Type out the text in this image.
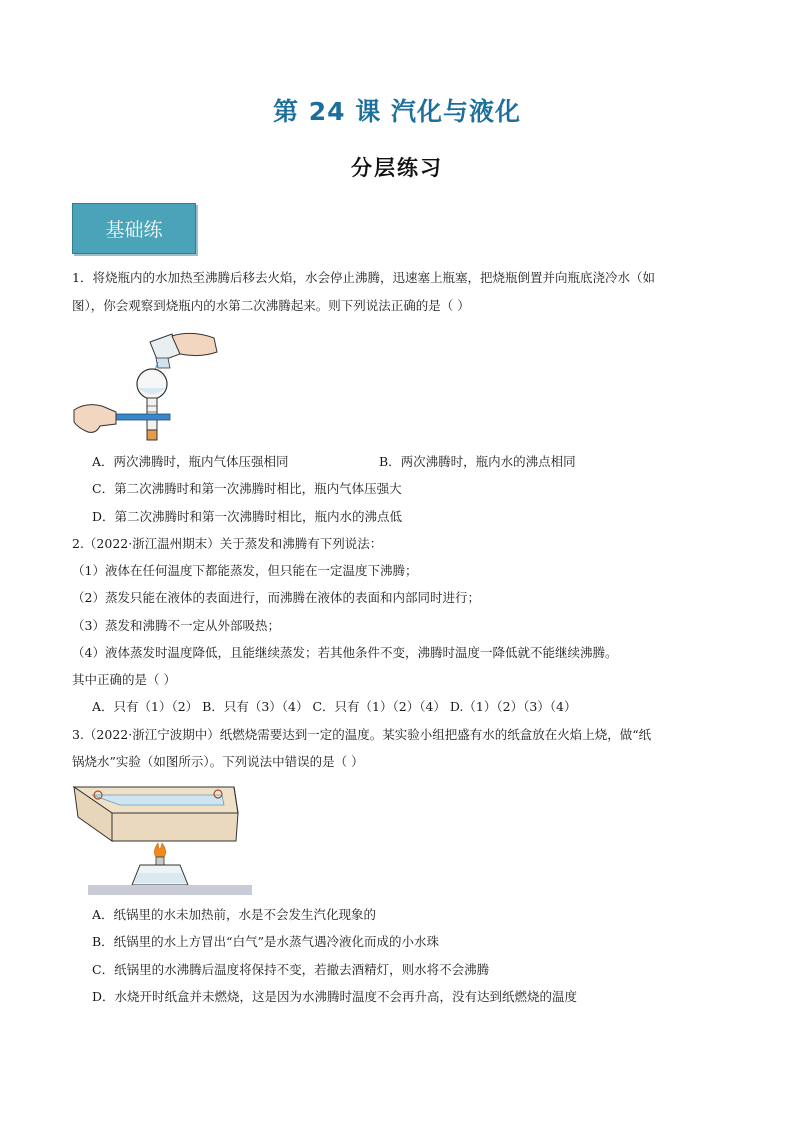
第 24 课 汽化与液化
分层练习
基础练
1．将烧瓶内的水加热至沸腾后移去火焰，水会停止沸腾，迅速塞上瓶塞，把烧瓶倒置并向瓶底浇冷水（如
图），你会观察到烧瓶内的水第二次沸腾起来。则下列说法正确的是（ ）
A．两次沸腾时，瓶内气体压强相同	B．两次沸腾时，瓶内水的沸点相同
C．第二次沸腾时和第一次沸腾时相比，瓶内气体压强大
D．第二次沸腾时和第一次沸腾时相比，瓶内水的沸点低
2.（2022·浙江温州期末）关于蒸发和沸腾有下列说法：
（1）液体在任何温度下都能蒸发，但只能在一定温度下沸腾；
（2）蒸发只能在液体的表面进行，而沸腾在液体的表面和内部同时进行；
（3）蒸发和沸腾不一定从外部吸热；
（4）液体蒸发时温度降低，且能继续蒸发；若其他条件不变，沸腾时温度一降低就不能继续沸腾。
其中正确的是（ ）
A．只有（1）（2） B．只有（3）（4） C．只有（1）（2）（4） D.（1）（2）（3）（4）
3.（2022·浙江宁波期中）纸燃烧需要达到一定的温度。某实验小组把盛有水的纸盒放在火焰上烧，做“纸
锅烧水”实验（如图所示）。下列说法中错误的是（ ）
A．纸锅里的水未加热前，水是不会发生汽化现象的
B．纸锅里的水上方冒出“白气”是水蒸气遇冷液化而成的小水珠
C．纸锅里的水沸腾后温度将保持不变，若撤去酒精灯，则水将不会沸腾
D．水烧开时纸盒并未燃烧，这是因为水沸腾时温度不会再升高，没有达到纸燃烧的温度
